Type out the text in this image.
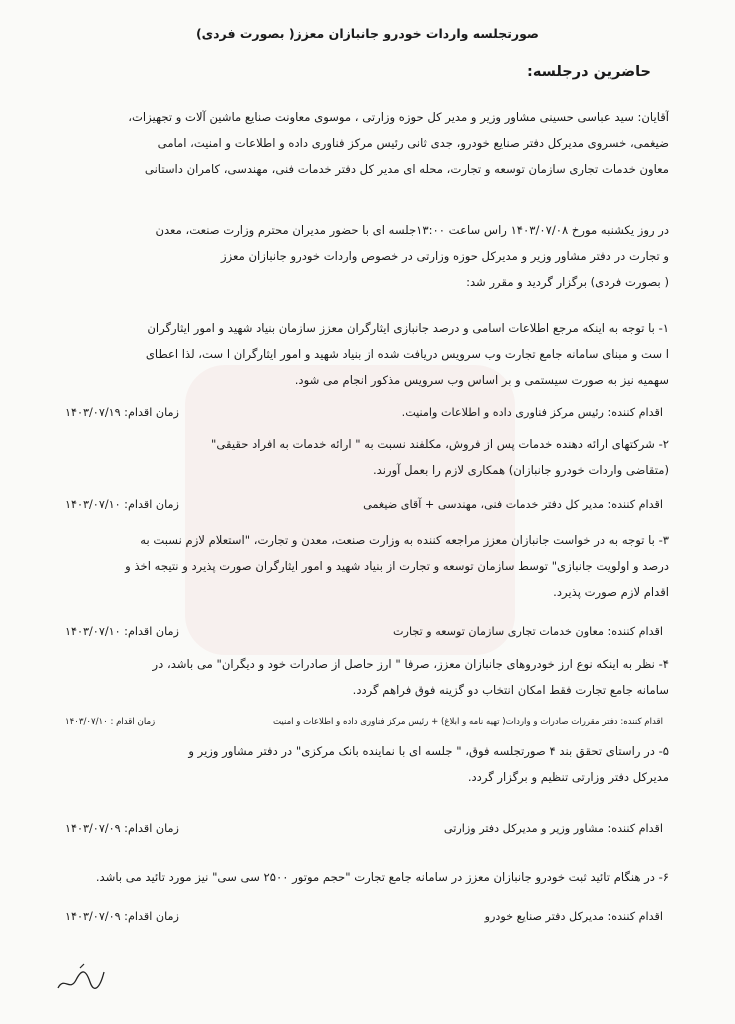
صورتجلسه واردات خودرو جانبازان معزز( بصورت فردی)
حاضرین درجلسه:
آقایان: سید عباسی حسینی مشاور وزیر و مدیر کل حوزه وزارتی ، موسوی معاونت صنایع ماشین آلات و تجهیزات،
ضیغمی، خسروی مدیرکل دفتر صنایع خودرو، جدی ثانی رئیس مرکز فناوری داده و اطلاعات و امنیت، امامی
معاون خدمات تجاری سازمان توسعه و تجارت، محله ای مدیر کل دفتر خدمات فنی، مهندسی، کامران داستانی
در روز یکشنبه مورخ ۱۴۰۳/۰۷/۰۸ راس ساعت ۱۳:۰۰جلسه ای با حضور مدیران محترم وزارت صنعت، معدن
و تجارت در دفتر مشاور وزیر و مدیرکل حوزه وزارتی در خصوص واردات خودرو جانبازان معزز
( بصورت فردی) برگزار گردید و مقرر شد:
۱- با توجه به اینکه مرجع اطلاعات اسامی و درصد جانبازی ایثارگران معزز سازمان بنیاد شهید و امور ایثارگران
ا ست و مبنای سامانه جامع تجارت وب سرویس دریافت شده از بنیاد شهید و امور ایثارگران ا ست، لذا اعطای
سهمیه نیز به صورت سیستمی و بر اساس وب سرویس مذکور انجام می شود.
اقدام کننده: رئیس مرکز فناوری داده و اطلاعات وامنیت.
زمان اقدام: ۱۴۰۳/۰۷/۱۹
۲- شرکتهای ارائه دهنده خدمات پس از فروش، مکلفند نسبت به " ارائه خدمات به افراد حقیقی"
(متقاضی واردات خودرو جانبازان) همکاری لازم را بعمل آورند.
اقدام کننده: مدیر کل دفتر خدمات فنی، مهندسی + آقای ضیغمی
زمان اقدام: ۱۴۰۳/۰۷/۱۰
۳- با توجه به در خواست جانبازان معزز مراجعه کننده به وزارت صنعت، معدن و تجارت، "استعلام لازم نسبت به
درصد و اولویت جانبازی" توسط سازمان توسعه و تجارت از بنیاد شهید و امور ایثارگران صورت پذیرد و نتیجه اخذ و
اقدام لازم صورت پذیرد.
اقدام کننده: معاون خدمات تجاری سازمان توسعه و تجارت
زمان اقدام: ۱۴۰۳/۰۷/۱۰
۴- نظر به اینکه نوع ارز خودروهای جانبازان معزز، صرفا " ارز حاصل از صادرات خود و دیگران" می باشد، در
سامانه جامع تجارت فقط امکان انتخاب دو گزینه فوق فراهم گردد.
اقدام کننده: دفتر مقررات صادرات و واردات( تهیه نامه و ابلاغ) + رئیس مرکز فناوری داده و اطلاعات و امنیت
زمان اقدام : ۱۴۰۳/۰۷/۱۰
۵- در راستای تحقق بند ۴ صورتجلسه فوق، " جلسه ای با نماینده بانک مرکزی" در دفتر مشاور وزیر و
مدیرکل دفتر وزارتی تنظیم و برگزار گردد.
اقدام کننده: مشاور وزیر و مدیرکل دفتر وزارتی
زمان اقدام: ۱۴۰۳/۰۷/۰۹
۶- در هنگام تائید ثبت خودرو جانبازان معزز در سامانه جامع تجارت "حجم موتور ۲۵۰۰ سی سی" نیز مورد تائید می باشد.
اقدام کننده: مدیرکل دفتر صنایع خودرو
زمان اقدام: ۱۴۰۳/۰۷/۰۹
